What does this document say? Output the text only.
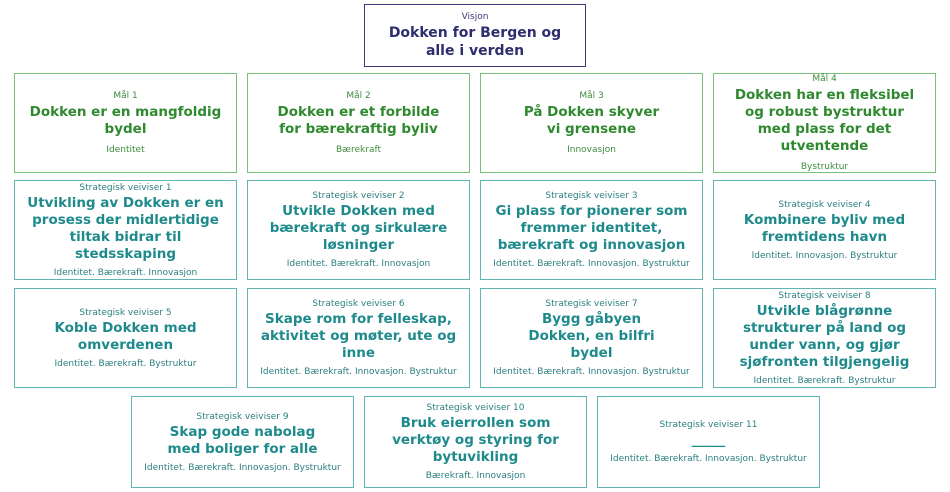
Visjon
Dokken for Bergen og alle i verden
Mål 1
Dokken er en mangfoldig bydel
Identitet
Mål 2
Dokken er et forbilde for bærekraftig byliv
Bærekraft
Mål 3
På Dokken skyver vi grensene
Innovasjon
Mål 4
Dokken har en fleksibel og robust bystruktur med plass for det utventende
Bystruktur
Strategisk veiviser 1
Utvikling av Dokken er en prosess der midlertidige tiltak bidrar til stedsskaping
Identitet. Bærekraft. Innovasjon
Strategisk veiviser 2
Utvikle Dokken med bærekraft og sirkulære løsninger
Identitet. Bærekraft. Innovasjon
Strategisk veiviser 3
Gi plass for pionerer som fremmer identitet, bærekraft og innovasjon
Identitet. Bærekraft. Innovasjon. Bystruktur
Strategisk veiviser 4
Kombinere byliv med fremtidens havn
Identitet. Innovasjon. Bystruktur
Strategisk veiviser 5
Koble Dokken med omverdenen
Identitet. Bærekraft. Bystruktur
Strategisk veiviser 6
Skape rom for felleskap, aktivitet og møter, ute og inne
Identitet. Bærekraft. Innovasjon. Bystruktur
Strategisk veiviser 7
Bygg gåbyen Dokken, en bilfri bydel
Identitet. Bærekraft. Innovasjon. Bystruktur
Strategisk veiviser 8
Utvikle blågrønne strukturer på land og under vann, og gjør sjøfronten tilgjengelig
Identitet. Bærekraft. Bystruktur
Strategisk veiviser 9
Skap gode nabolag med boliger for alle
Identitet. Bærekraft. Innovasjon. Bystruktur
Strategisk veiviser 10
Bruk eierrollen som verktøy og styring for bytuvikling
Bærekraft. Innovasjon
Strategisk veiviser 11
_____
Identitet. Bærekraft. Innovasjon. Bystruktur
